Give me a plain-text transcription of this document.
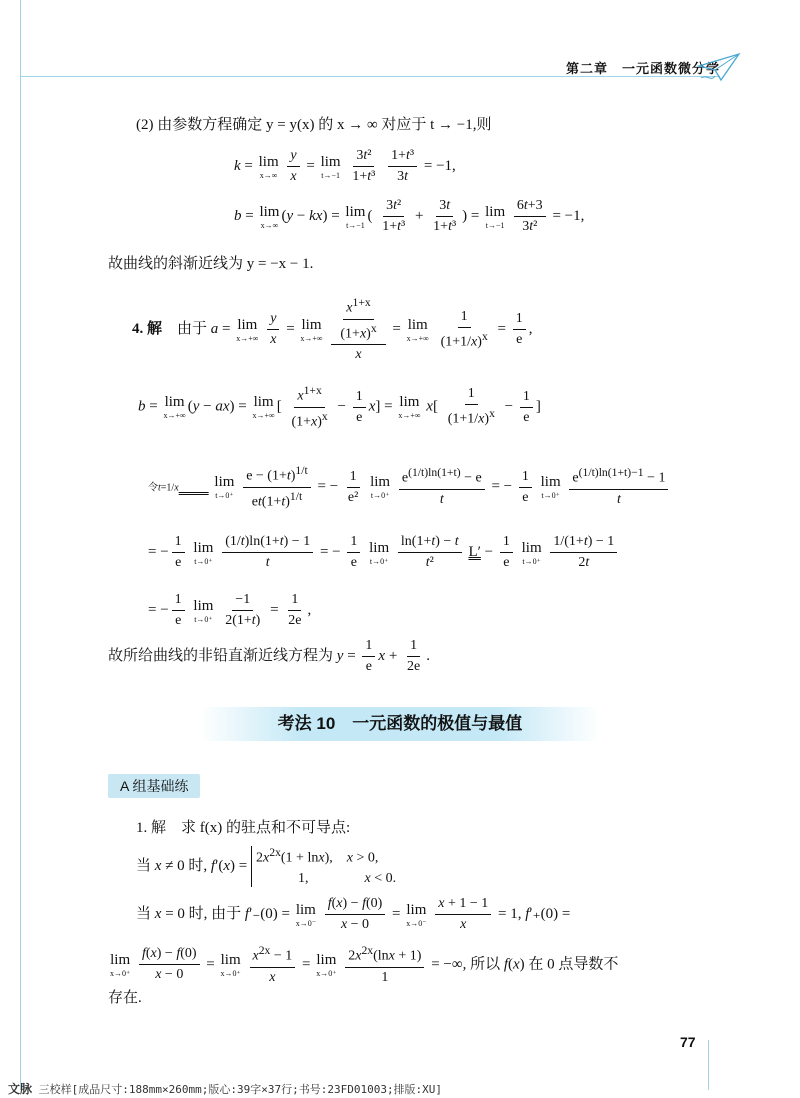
第二章　一元函数微分学
(2) 由参数方程确定 y = y(x) 的 x → ∞ 对应于 t → −1,则
k = lim
x→∞
$\frac{y}{x} = \lim$
t→−1
$\frac{\text{3t²}}{\text{1+t³}}$
$\frac{\text{1+t³}}{3t} = -1$,
b = lim
x→∞
(y − kx) = lim
t→−1
( $\frac{\text{3t²}}{\text{1+t³}} + \frac{3t}{\text{1+t³}}$ ) = lim
t→−1
$\frac{6t+3}{\text{3t²}} = -1$,
故曲线的斜渐近线为 y = −x − 1.
4. 解　由于 a = lim
x→+∞
$\frac{y}{x} = \lim$
x→+∞
$\frac{\frac{x^{1+x}}{(1+x)^x}}{x} = \lim$
x→+∞
$\frac{1}{(1+1/x)^x} = \frac{1}{e}$ ,
b = lim
x→+∞
(y − ax) = lim
x→+∞
[ $\frac{x^{1+x}}{(1+x)^x} - \frac{1}{e} x] = \lim$
x→+∞
$x[ \frac{1}{(1+1/x)^x} - \frac{1}{e}$ ]
令t=1/x　　 lim
t→0⁺
$\frac{e - (1+t)^{1/t}}{et(1+t)^{1/t}}$ = − $\frac{1}{\text{e²}}$
lim
t→0⁺
$\frac{e^{(1/t)ln(1+t)} - e}{t}$ = − $\frac{1}{e}$
lim
t→0⁺
$\frac{e^{(1/t)ln(1+t)-1} - 1}{t}$
= − $\frac{1}{e}$
lim
t→0⁺
$\frac{(1/t)\ln(1+t) - 1}{t}$ = − $\frac{1}{e}$
lim
t→0⁺
$\frac{\ln(1+t) - t}{\text{t²}} L' - \frac{1}{e}$
lim
t→0⁺
$\frac{1/(1+t) - 1}{2t}$
= − $\frac{1}{e}$
lim
t→0⁺
$\frac{-1}{2(1+t)} = \frac{1}{2e}$ ,
故所给曲线的非铅直渐近线方程为 $y = \frac{1}{e}$ $x + \frac{1}{2e}$ .
考法 10　一元函数的极值与最值
A 组基础练
1. 解　求 f(x) 的驻点和不可导点:
当 x ≠ 0 时, $f'(x) = 2x^{2x}(1 + \ln x)$,　x > 0,
　　　1,　　　　x < 0.
当 x = 0 时, 由于 f′₋(0) = lim
x→0⁻
$\frac{f(x) - f(0)}{x - 0} = \lim$
x→0⁻
$\frac{x + 1 - 1}{x} = 1$, f′₊(0) =
lim
x→0⁺
$\frac{f(x) - f(0)}{x - 0} = \lim$
x→0⁺
$\frac{x^{2x} - 1}{x} = \lim$
x→0⁺
$\frac{2x^{2x}(\ln x + 1)}{1}$ = −∞, 所以 f(x) 在 0 点导数不
存在.
77
文脉 三校样[成品尺寸:188mm×260mm;版心:39字×37行;书号:23FD01003;排版:XU]
